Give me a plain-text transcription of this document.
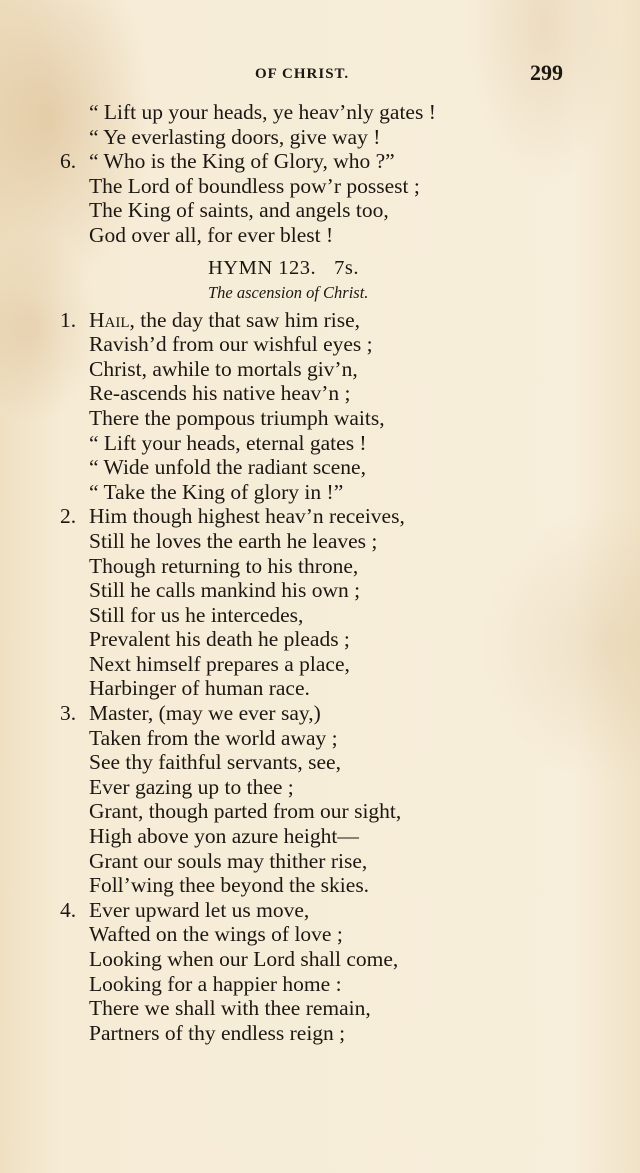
OF CHRIST.	299
“ Lift up your heads, ye heav’nly gates !
“ Ye everlasting doors, give way !
6. “ Who is the King of Glory, who ?”
The Lord of boundless pow’r possest ;
The King of saints, and angels too,
God over all, for ever blest !
HYMN 123. 7s.
The ascension of Christ.
1. Hail, the day that saw him rise,
Ravish’d from our wishful eyes ;
Christ, awhile to mortals giv’n,
Re-ascends his native heav’n ;
There the pompous triumph waits,
“ Lift your heads, eternal gates !
“ Wide unfold the radiant scene,
“ Take the King of glory in !”
2. Him though highest heav’n receives,
Still he loves the earth he leaves ;
Though returning to his throne,
Still he calls mankind his own ;
Still for us he intercedes,
Prevalent his death he pleads ;
Next himself prepares a place,
Harbinger of human race.
3. Master, (may we ever say,)
Taken from the world away ;
See thy faithful servants, see,
Ever gazing up to thee ;
Grant, though parted from our sight,
High above yon azure height—
Grant our souls may thither rise,
Foll’wing thee beyond the skies.
4. Ever upward let us move,
Wafted on the wings of love ;
Looking when our Lord shall come,
Looking for a happier home :
There we shall with thee remain,
Partners of thy endless reign ;
